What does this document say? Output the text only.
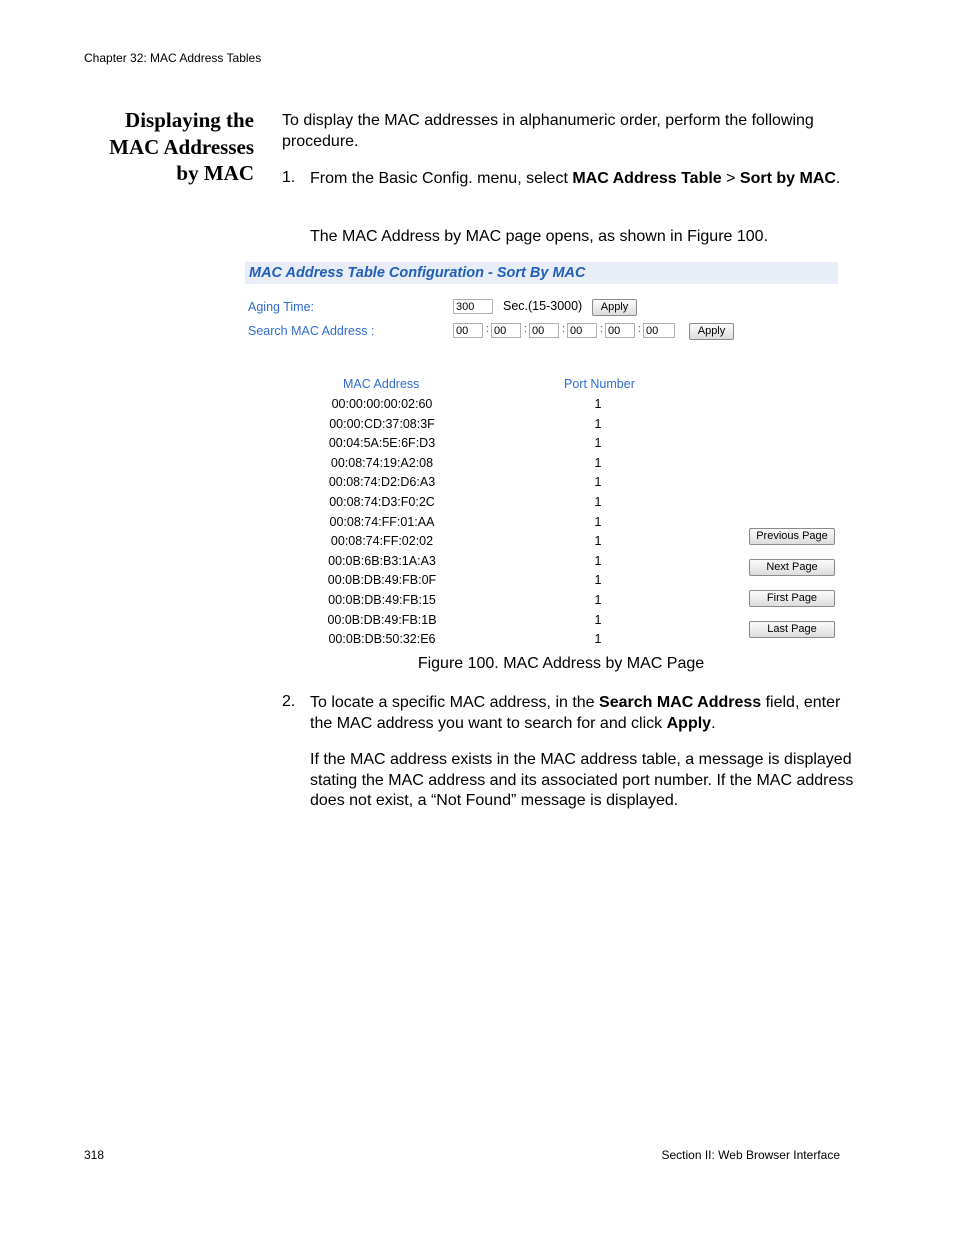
Chapter 32: MAC Address Tables
318	Section II: Web Browser Interface
Displaying the
MAC Addresses
by MAC
To display the MAC addresses in alphanumeric order, perform the following procedure.
1. From the Basic Config. menu, select MAC Address Table > Sort by MAC.
The MAC Address by MAC page opens, as shown in Figure 100.
MAC Address Table Configuration - Sort By MAC
Aging Time:	300	Sec.(15-3000)	Apply
Search MAC Address :	00	: 00	: 00	: 00	: 00	: 00	Apply
MAC Address	Port Number
00:00:00:00:02:60	1
00:00:CD:37:08:3F	1
00:04:5A:5E:6F:D3	1
00:08:74:19:A2:08	1
00:08:74:D2:D6:A3	1
00:08:74:D3:F0:2C	1
00:08:74:FF:01:AA	1
00:08:74:FF:02:02	1
00:0B:6B:B3:1A:A3	1
00:0B:DB:49:FB:0F	1
00:0B:DB:49:FB:15	1
00:0B:DB:49:FB:1B	1
00:0B:DB:50:32:E6	1
Previous Page
Next Page
First Page
Last Page
Figure 100. MAC Address by MAC Page
2. To locate a specific MAC address, in the Search MAC Address field, enter the MAC address you want to search for and click Apply.
If the MAC address exists in the MAC address table, a message is displayed stating the MAC address and its associated port number. If the MAC address does not exist, a “Not Found” message is displayed.
